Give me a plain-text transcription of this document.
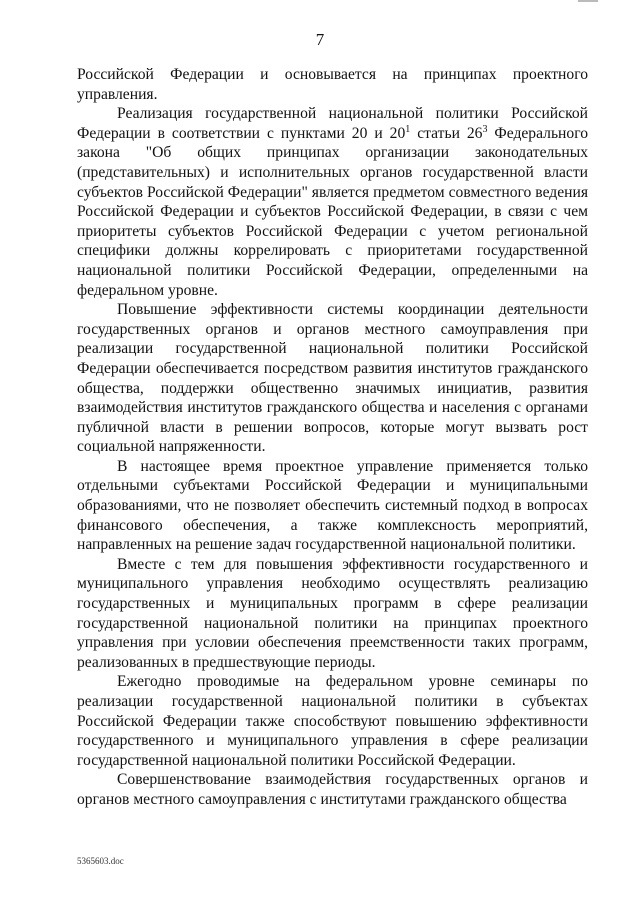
7

Российской Федерации и основывается на принципах проектного управления.

Реализация государственной национальной политики Российской Федерации в соответствии с пунктами 20 и $20^1$ статьи $26^3$ Федерального закона "Об общих принципах организации законодательных (представительных) и исполнительных органов государственной власти субъектов Российской Федерации" является предметом совместного ведения Российской Федерации и субъектов Российской Федерации, в связи с чем приоритеты субъектов Российской Федерации с учетом региональной специфики должны коррелировать с приоритетами государственной национальной политики Российской Федерации, определенными на федеральном уровне.

Повышение эффективности системы координации деятельности государственных органов и органов местного самоуправления при реализации государственной национальной политики Российской Федерации обеспечивается посредством развития институтов гражданского общества, поддержки общественно значимых инициатив, развития взаимодействия институтов гражданского общества и населения с органами публичной власти в решении вопросов, которые могут вызвать рост социальной напряженности.

В настоящее время проектное управление применяется только отдельными субъектами Российской Федерации и муниципальными образованиями, что не позволяет обеспечить системный подход в вопросах финансового обеспечения, а также комплексность мероприятий, направленных на решение задач государственной национальной политики.

Вместе с тем для повышения эффективности государственного и муниципального управления необходимо осуществлять реализацию государственных и муниципальных программ в сфере реализации государственной национальной политики на принципах проектного управления при условии обеспечения преемственности таких программ, реализованных в предшествующие периоды.

Ежегодно проводимые на федеральном уровне семинары по реализации государственной национальной политики в субъектах Российской Федерации также способствуют повышению эффективности государственного и муниципального управления в сфере реализации государственной национальной политики Российской Федерации.

Совершенствование взаимодействия государственных органов и органов местного самоуправления с институтами гражданского общества

5365603.doc
